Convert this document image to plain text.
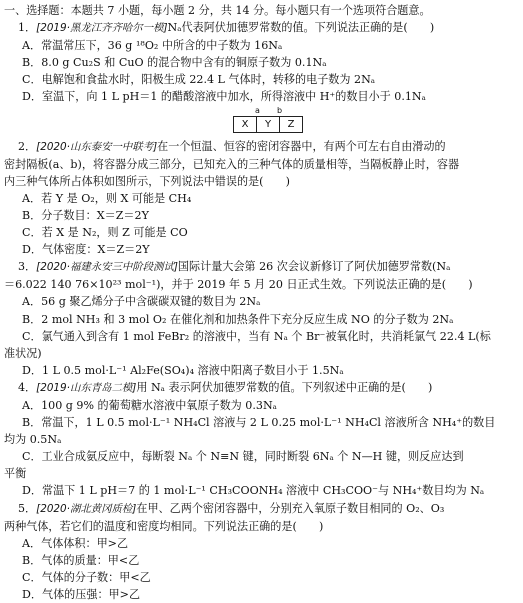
一、选择题：本题共 7 小题，每小题 2 分，共 14 分。每小题只有一个选项符合题意。
1．[2019·黑龙江齐齐哈尔一模]Nₐ代表阿伏加德罗常数的值。下列说法正确的是(　　)
A．常温常压下，36 g ¹⁸O₂ 中所含的中子数为 16Nₐ
B．8.0 g Cu₂S 和 CuO 的混合物中含有的铜原子数为 0.1Nₐ
C．电解饱和食盐水时，阳极生成 22.4 L 气体时，转移的电子数为 2Nₐ
D．室温下，向 1 L pH＝1 的醋酸溶液中加水，所得溶液中 H⁺的数目小于 0.1Nₐ
a b
X	Y	Z
2．[2020·山东泰安一中联考]在一个恒温、恒容的密闭容器中，有两个可左右自由滑动的
密封隔板(a、b)，将容器分成三部分，已知充入的三种气体的质量相等，当隔板静止时，容器
内三种气体所占体积如图所示，下列说法中错误的是(　　)
A．若 Y 是 O₂，则 X 可能是 CH₄
B．分子数目：X＝Z＝2Y
C．若 X 是 N₂，则 Z 可能是 CO
D．气体密度：X＝Z＝2Y
3．[2020·福建永安三中阶段测试]国际计量大会第 26 次会议新修订了阿伏加德罗常数(Nₐ
＝6.022 140 76×10²³ mol⁻¹)，并于 2019 年 5 月 20 日正式生效。下列说法正确的是(　　)
A．56 g 聚乙烯分子中含碳碳双键的数目为 2Nₐ
B．2 mol NH₃ 和 3 mol O₂ 在催化剂和加热条件下充分反应生成 NO 的分子数为 2Nₐ
C．氯气通入到含有 1 mol FeBr₂ 的溶液中，当有 Nₐ 个 Br⁻被氧化时，共消耗氯气 22.4 L(标
准状况)
D．1 L 0.5 mol·L⁻¹ Al₂Fe(SO₄)₄ 溶液中阳离子数目小于 1.5Nₐ
4．[2019·山东青岛二模]用 Nₐ 表示阿伏加德罗常数的值。下列叙述中正确的是(　　)
A．100 g 9% 的葡萄糖水溶液中氧原子数为 0.3Nₐ
B．常温下，1 L 0.5 mol·L⁻¹ NH₄Cl 溶液与 2 L 0.25 mol·L⁻¹ NH₄Cl 溶液所含 NH₄⁺的数目
均为 0.5Nₐ
C．工业合成氨反应中，每断裂 Nₐ 个 N≡N 键，同时断裂 6Nₐ 个 N—H 键，则反应达到
平衡
D．常温下 1 L pH＝7 的 1 mol·L⁻¹ CH₃COONH₄ 溶液中 CH₃COO⁻与 NH₄⁺数目均为 Nₐ
5．[2020·湖北黄冈质检]在甲、乙两个密闭容器中，分别充入氧原子数目相同的 O₂、O₃
两种气体，若它们的温度和密度均相同。下列说法正确的是(　　)
A．气体体积：甲>乙
B．气体的质量：甲<乙
C．气体的分子数：甲<乙
D．气体的压强：甲>乙
